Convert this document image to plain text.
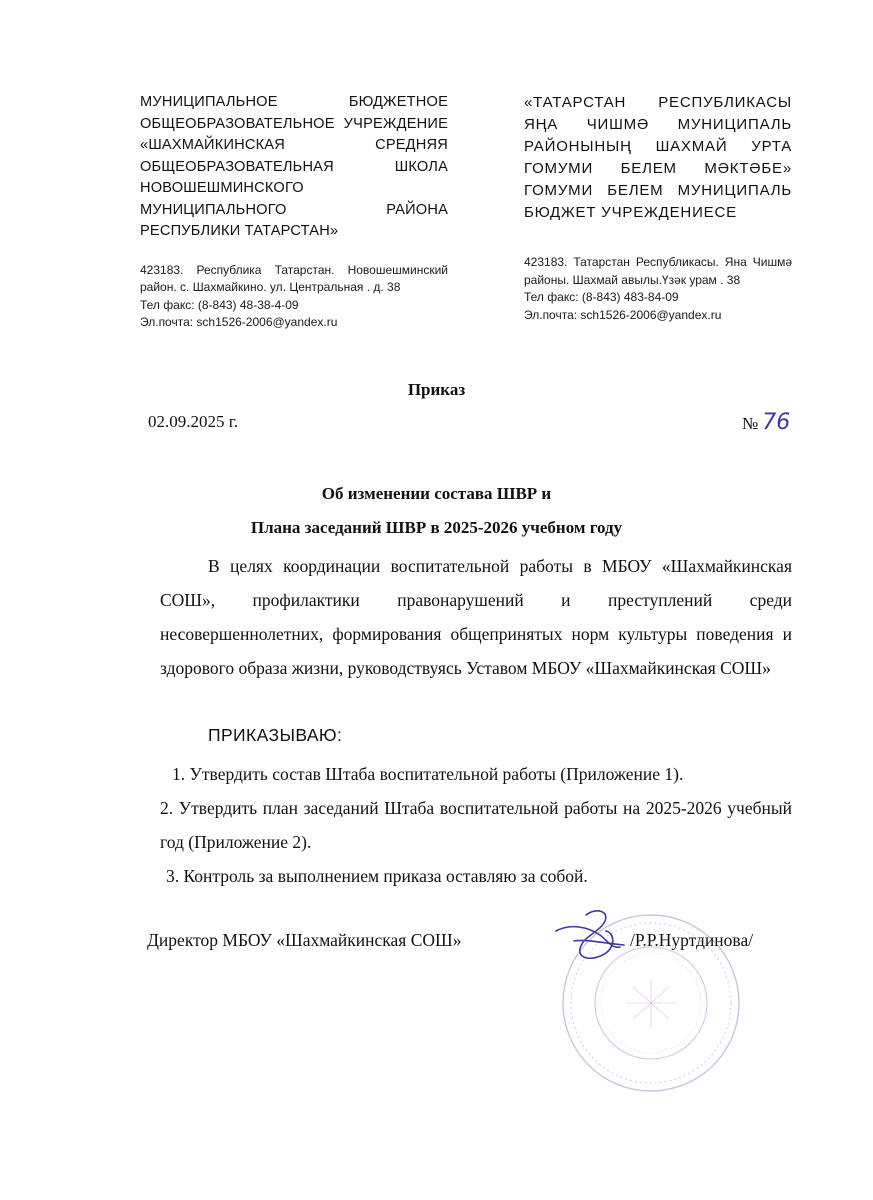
МУНИЦИПАЛЬНОЕ БЮДЖЕТНОЕ ОБЩЕОБРАЗОВАТЕЛЬНОЕ УЧРЕЖДЕНИЕ «ШАХМАЙКИНСКАЯ СРЕДНЯЯ ОБЩЕОБРАЗОВАТЕЛЬНАЯ ШКОЛА НОВОШЕШМИНСКОГО МУНИЦИПАЛЬНОГО РАЙОНА РЕСПУБЛИКИ ТАТАРСТАН»
423183. Республика Татарстан. Новошешминский район. с. Шахмайкино. ул. Центральная . д. 38
Тел факс: (8-843) 48-38-4-09
Эл.почта: sch1526-2006@yandex.ru
«ТАТАРСТАН РЕСПУБЛИКАСЫ ЯҢА ЧИШМӘ МУНИЦИПАЛЬ РАЙОНЫНЫҢ ШАХМАЙ УРТА ГОМУМИ БЕЛЕМ МӘКТӘБЕ» ГОМУМИ БЕЛЕМ МУНИЦИПАЛЬ БЮДЖЕТ УЧРЕЖДЕНИЕСЕ
423183. Татарстан Республикасы. Яна Чишмә районы. Шахмай авылы.Үзәк урам . 38
Тел факс: (8-843) 483-84-09
Эл.почта: sch1526-2006@yandex.ru
Приказ
02.09.2025 г.	№ 76
Об изменении состава ШВР и
Плана заседаний ШВР в 2025-2026 учебном году

В целях координации воспитательной работы в МБОУ «Шахмайкинская СОШ», профилактики правонарушений и преступлений среди несовершеннолетних, формирования общепринятых норм культуры поведения и здорового образа жизни, руководствуясь Уставом МБОУ «Шахмайкинская СОШ»

ПРИКАЗЫВАЮ:

1. Утвердить состав Штаба воспитательной работы (Приложение 1).

2. Утвердить план заседаний Штаба воспитательной работы на 2025-2026 учебный год (Приложение 2).

3. Контроль за выполнением приказа оставляю за собой.

Директор МБОУ «Шахмайкинская СОШ»	/Р.Р.Нуртдинова/
